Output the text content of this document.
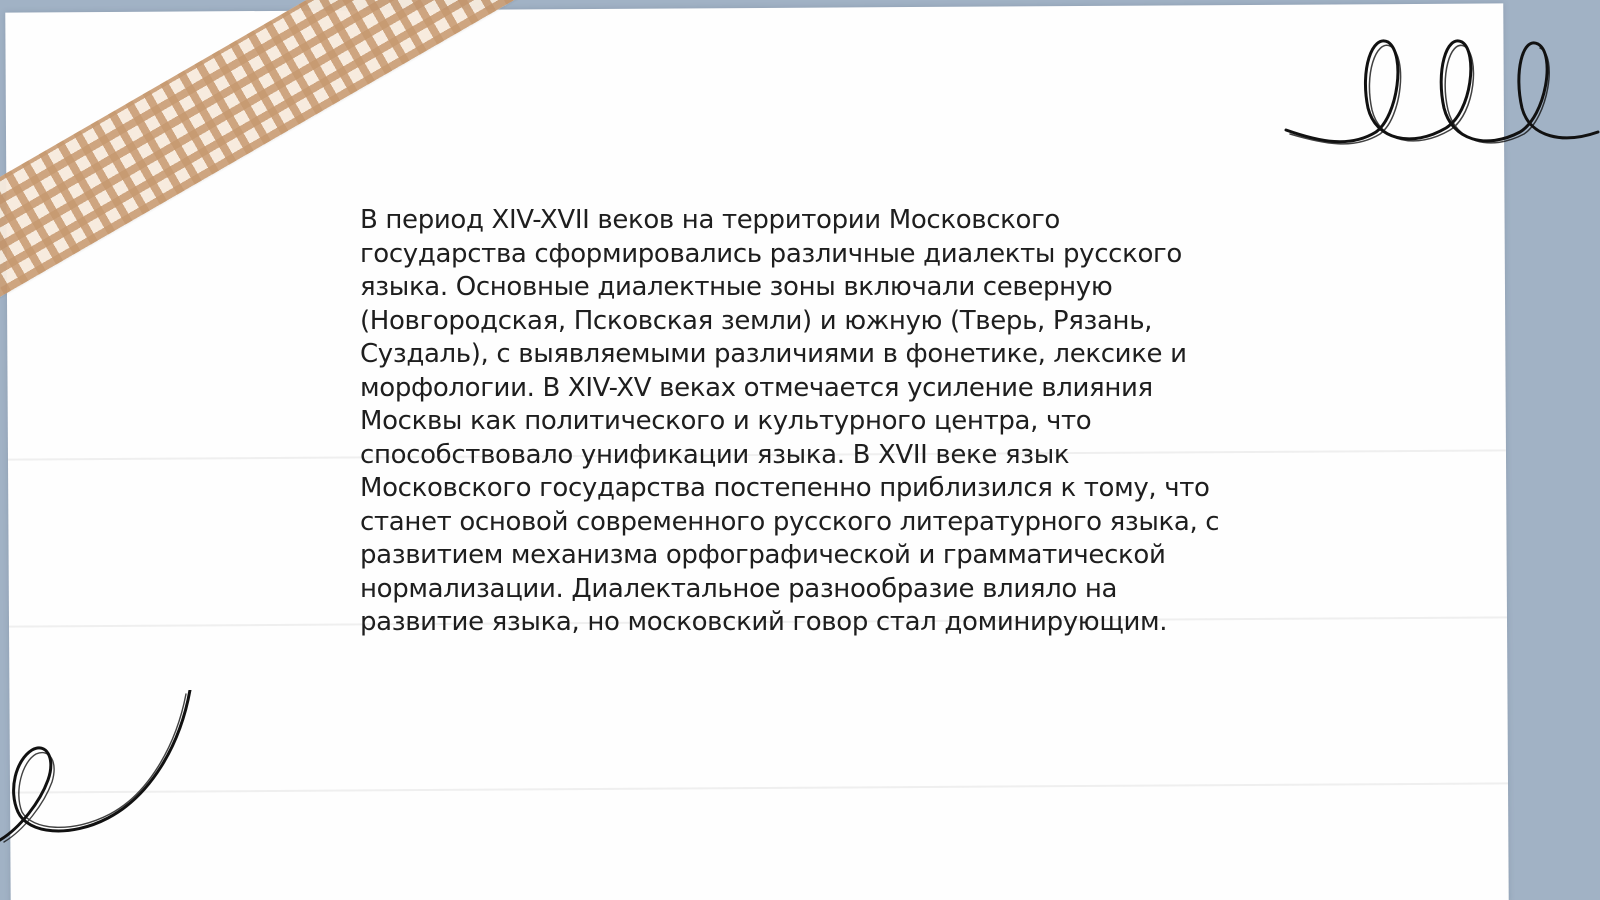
В период XIV-XVII веков на территории Московского
государства сформировались различные диалекты русского
языка. Основные диалектные зоны включали северную
(Новгородская, Псковская земли) и южную (Тверь, Рязань,
Суздаль), с выявляемыми различиями в фонетике, лексике и
морфологии. В XIV-XV веках отмечается усиление влияния
Москвы как политического и культурного центра, что
способствовало унификации языка. В XVII веке язык
Московского государства постепенно приблизился к тому, что
станет основой современного русского литературного языка, с
развитием механизма орфографической и грамматической
нормализации. Диалектальное разнообразие влияло на
развитие языка, но московский говор стал доминирующим.
